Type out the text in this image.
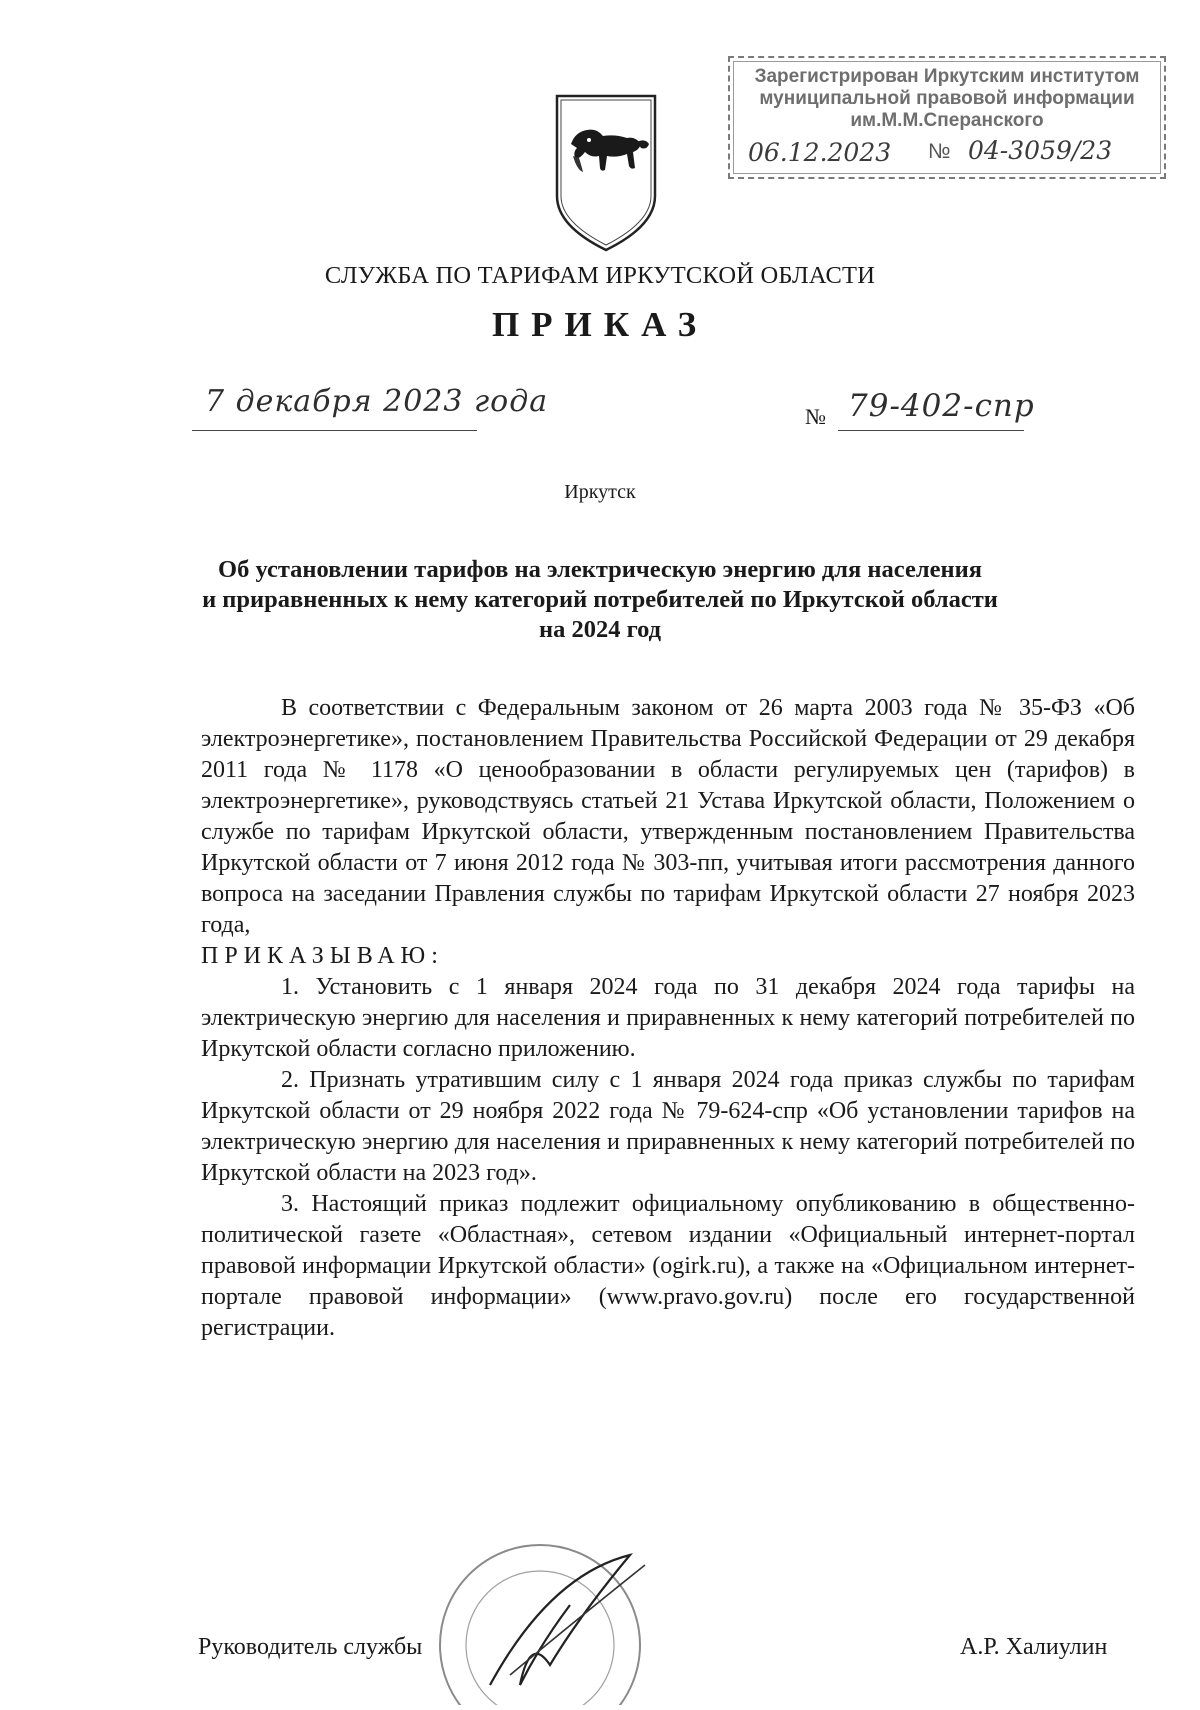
Зарегистрирован Иркутским институтом
муниципальной правовой информации
им.М.М.Сперанского
06.12.2023 № 04-3059/23
СЛУЖБА ПО ТАРИФАМ ИРКУТСКОЙ ОБЛАСТИ
ПРИКАЗ
7 декабря 2023 года	№ 79-402-спр
Иркутск
Об установлении тарифов на электрическую энергию для населения
и приравненных к нему категорий потребителей по Иркутской области
на 2024 год

В соответствии с Федеральным законом от 26 марта 2003 года № 35-ФЗ «Об электроэнергетике», постановлением Правительства Российской Федерации от 29 декабря 2011 года № 1178 «О ценообразовании в области регулируемых цен (тарифов) в электроэнергетике», руководствуясь статьей 21 Устава Иркутской области, Положением о службе по тарифам Иркутской области, утвержденным постановлением Правительства Иркутской области от 7 июня 2012 года № 303-пп, учитывая итоги рассмотрения данного вопроса на заседании Правления службы по тарифам Иркутской области 27 ноября 2023 года,

ПРИКАЗЫВАЮ:

1. Установить с 1 января 2024 года по 31 декабря 2024 года тарифы на электрическую энергию для населения и приравненных к нему категорий потребителей по Иркутской области согласно приложению.

2. Признать утратившим силу с 1 января 2024 года приказ службы по тарифам Иркутской области от 29 ноября 2022 года № 79-624-спр «Об установлении тарифов на электрическую энергию для населения и приравненных к нему категорий потребителей по Иркутской области на 2023 год».

3. Настоящий приказ подлежит официальному опубликованию в общественно-политической газете «Областная», сетевом издании «Официальный интернет-портал правовой информации Иркутской области» (ogirk.ru), а также на «Официальном интернет-портале правовой информации» (www.pravo.gov.ru) после его государственной регистрации.

Руководитель службы	А.Р. Халиулин
